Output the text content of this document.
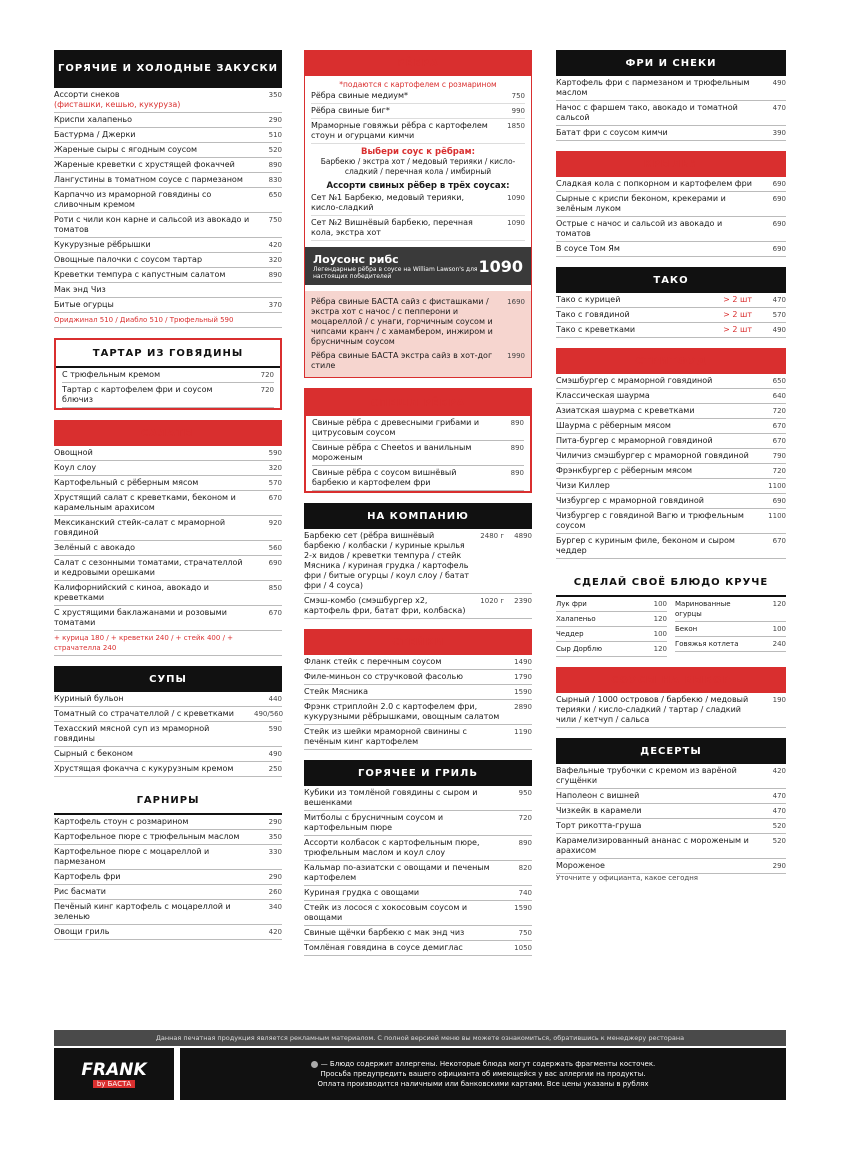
ГОРЯЧИЕ И ХОЛОДНЫЕ ЗАКУСКИ
Ассорти снеков
(фисташки, кешью, кукуруза)
350
Криспи халапеньо	290
Бастурма / Джерки	510
Жареные сыры с ягодным соусом	520
Жареные креветки с хрустящей фокаччей	890
Лангустины в томатном соусе с пармезаном	830
Карпаччо из мраморной говядины со сливочным кремом
650
Роти с чили кон карне и сальсой из авокадо и томатов
750
Кукурузные рёбрышки	420
Овощные палочки с соусом тартар	320
Креветки темпура с капустным салатом	890
Мак энд Чиз
Битые огурцы	370
Ориджинал 510 / Диабло 510 / Трюфельный 590
ТАРТАР ИЗ ГОВЯДИНЫ
С трюфельным кремом	720
Тартар с картофелем фри и соусом блючиз
720
САЛАТЫ
Овощной	590
Коул слоу	320
Картофельный с рёберным мясом	570
Хрустящий салат с креветками, беконом и карамельным арахисом
670
Мексиканский стейк-салат с мраморной говядиной
920
Зелёный с авокадо	560
Салат с сезонными томатами, страчателлой и кедровыми орешками
690
Калифорнийский с киноа, авокадо и креветками
850
С хрустящими баклажанами и розовыми томатами
670
+ курица 180 / + креветки 240 / + стейк 400 / + страчателла 240
СУПЫ
Куриный бульон	440
Томатный со страчателлой / с креветками	490/560
Техасский мясной суп из мраморной говядины
590
Сырный с беконом	490
Хрустящая фокачча с кукурузным кремом	250
ГАРНИРЫ
Картофель стоун с розмарином	290
Картофельное пюре с трюфельным маслом	350
Картофельное пюре с моцареллой и пармезаном
330
Картофель фри	290
Рис басмати	260
Печёный кинг картофель с моцареллой и зеленью
340
Овощи гриль	420
РЁБРА
*подаются с картофелем с розмарином
Рёбра свиные медиум*	750
Рёбра свиные биг*	990
Мраморные говяжьи рёбра с картофелем стоун и огурцами кимчи
1850
Выбери соус к рёбрам:
Барбекю / экстра хот / медовый терияки / кисло-сладкий / перечная кола / имбирный
Ассорти свиных рёбер в трёх соусах:
Сет №1 Барбекю, медовый терияки, кисло-сладкий
1090
Сет №2 Вишнёвый барбекю, перечная кола, экстра хот
1090
Лоусонс рибс
Легендарные рёбра в соусе на William Lawson's для настоящих победителей
1090
Рёбра свиные БАСТА сайз с фисташками / экстра хот с начос / с пепперони и моцареллой / с унаги, горчичным соусом и чипсами кранч / с хамамбером, инжиром и брусничным соусом
1690
Рёбра свиные БАСТА экстра сайз в хот-дог стиле
1990
СПЕШЛ РЁБРА
Свиные рёбра с древесными грибами и цитрусовым соусом
890
Свиные рёбра с Cheetos и ванильным мороженым
890
Свиные рёбра с соусом вишнёвый барбекю и картофелем фри
890
НА КОМПАНИЮ
Барбекю сет (рёбра вишнёвый барбекю / колбаски / куриные крылья 2-х видов / креветки темпура / стейк Мясника / куриная грудка / картофель фри / битые огурцы / коул слоу / батат фри / 4 соуса)
2480 г	4890
Смэш-комбо (смэшбургер х2, картофель фри, батат фри, колбаска)
1020 г	2390
СТЕЙКИ
Фланк стейк с перечным соусом	1490
Филе-миньон со стручковой фасолью	1790
Стейк Мясника	1590
Фрэнк стриплойн 2.0 с картофелем фри, кукурузными рёбрышками, овощным салатом
2890
Стейк из шейки мраморной свинины с печёным кинг картофелем
1190
ГОРЯЧЕЕ И ГРИЛЬ
Кубики из томлёной говядины с сыром и вешенками
950
Митболы с брусничным соусом и картофельным пюре
720
Ассорти колбасок с картофельным пюре, трюфельным маслом и коул слоу
890
Кальмар по-азиатски с овощами и печеным картофелем
820
Куриная грудка с овощами	740
Стейк из лосося с хокосовым соусом и овощами
1590
Свиные щёчки барбекю с мак энд чиз	750
Томлёная говядина в соусе демиглас	1050
ФРИ И СНЕКИ
Картофель фри с пармезаном и трюфельным маслом
490
Начос с фаршем тако, авокадо и томатной сальсой
470
Батат фри с соусом кимчи	390
КРЫЛЬЯ
Сладкая кола с попкорном и картофелем фри	690
Сырные с криспи беконом, крекерами и зелёным луком
690
Острые с начос и сальсой из авокадо и томатов
690
В соусе Том Ям	690
ТАКО
Тако с курицей	> 2 шт	470
Тако с говядиной	> 2 шт	570
Тако с креветками	> 2 шт	490
СТРИТФУД
Смэшбургер с мраморной говядиной	650
Классическая шаурма	640
Азиатская шаурма с креветками	720
Шаурма с рёберным мясом	670
Пита-бургер с мраморной говядиной	670
Чиличиз смэшбургер с мраморной говядиной	790
Фрэнкбургер с рёберным мясом	720
Чизи Киллер	1100
Чизбургер с мраморной говядиной	690
Чизбургер с говядиной Вагю и трюфельным соусом
1100
Бургер с куриным филе, беконом и сыром чеддер
670
СДЕЛАЙ СВОЁ БЛЮДО КРУЧЕ
Лук фри	100
Халапеньо	120
Чеддер	100
Сыр Дорблю	120
Маринованные огурцы
120
Бекон	100
Говяжья котлета	240
СОУСЫ НА ВЫБОР
Сырный / 1000 островов / барбекю / медовый терияки / кисло-сладкий / тартар / сладкий чили / кетчуп / сальса
190
ДЕСЕРТЫ
Вафельные трубочки с кремом из варёной сгущёнки
420
Наполеон с вишней	470
Чизкейк в карамели	470
Торт рикотта-груша	520
Карамелизированный ананас с мороженым и арахисом
520
Мороженое	290
Уточните у официанта, какое сегодня
Данная печатная продукция является рекламным материалом. С полной версией меню вы можете ознакомиться, обратившись к менеджеру ресторана
FRANK
by БАСТА
— Блюдо содержит аллергены. Некоторые блюда могут содержать фрагменты косточек.
Просьба предупредить вашего официанта об имеющейся у вас аллергии на продукты.
Оплата производится наличными или банковскими картами. Все цены указаны в рублях
